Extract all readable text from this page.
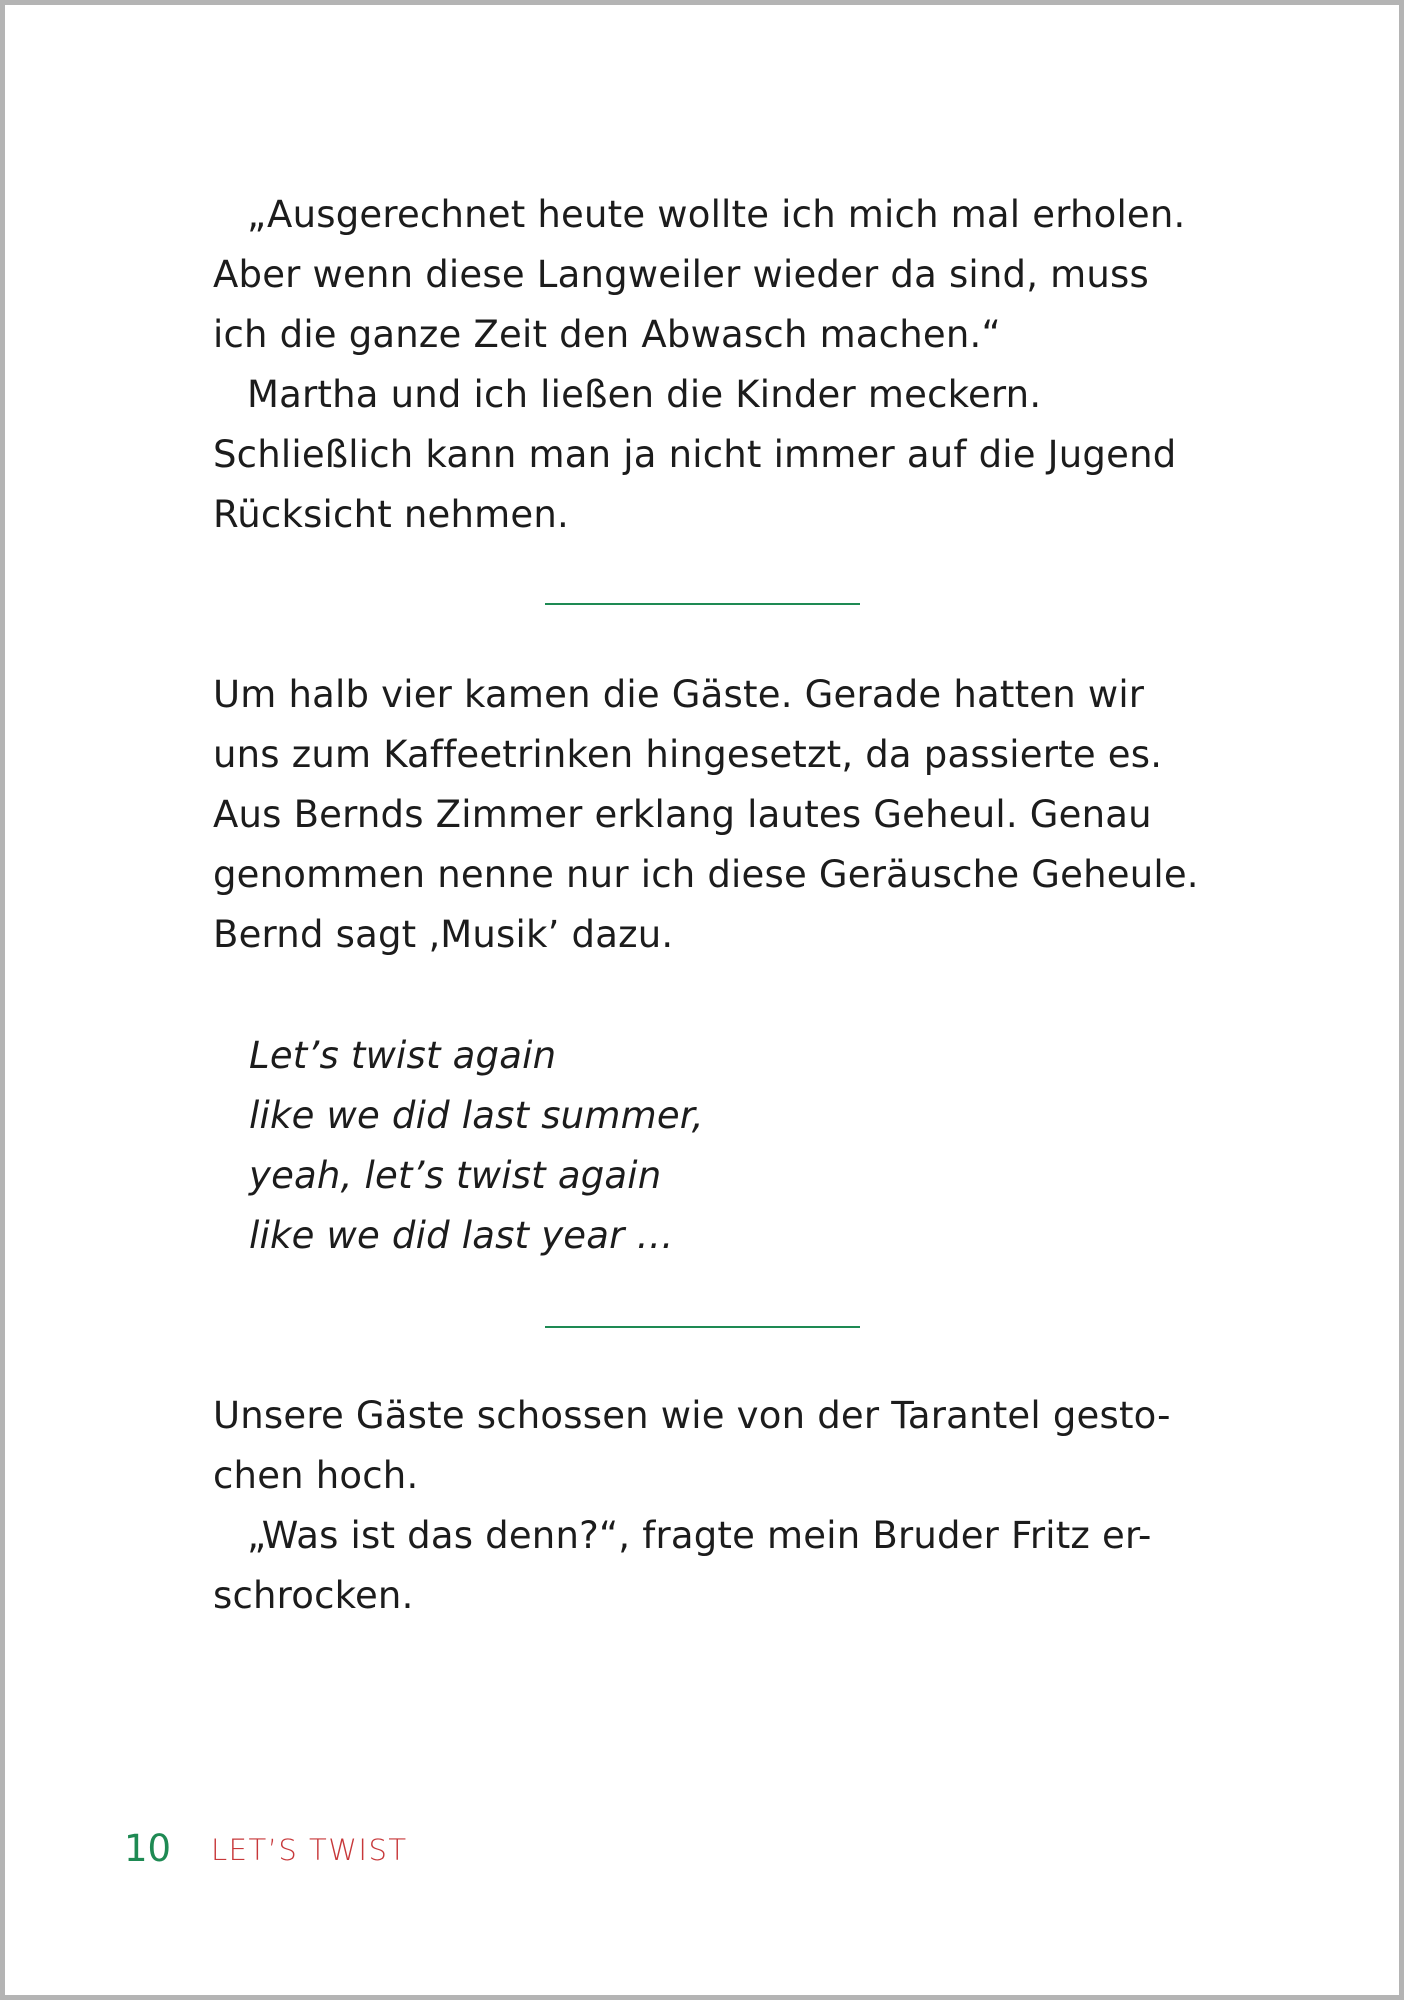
„Ausgerechnet heute wollte ich mich mal erholen.
Aber wenn diese Langweiler wieder da sind, muss
ich die ganze Zeit den Abwasch machen.“
Martha und ich ließen die Kinder meckern.
Schließlich kann man ja nicht immer auf die Jugend
Rücksicht nehmen.
Um halb vier kamen die Gäste. Gerade hatten wir
uns zum Kaffeetrinken hingesetzt, da passierte es.
Aus Bernds Zimmer erklang lautes Geheul. Genau
genommen nenne nur ich diese Geräusche Geheule.
Bernd sagt ‚Musik’ dazu.
Let’s twist again
like we did last summer,
yeah, let’s twist again
like we did last year …
Unsere Gäste schossen wie von der Tarantel gesto-
chen hoch.
„Was ist das denn?“, fragte mein Bruder Fritz er-
schrocken.
10 LET’S TWIST
